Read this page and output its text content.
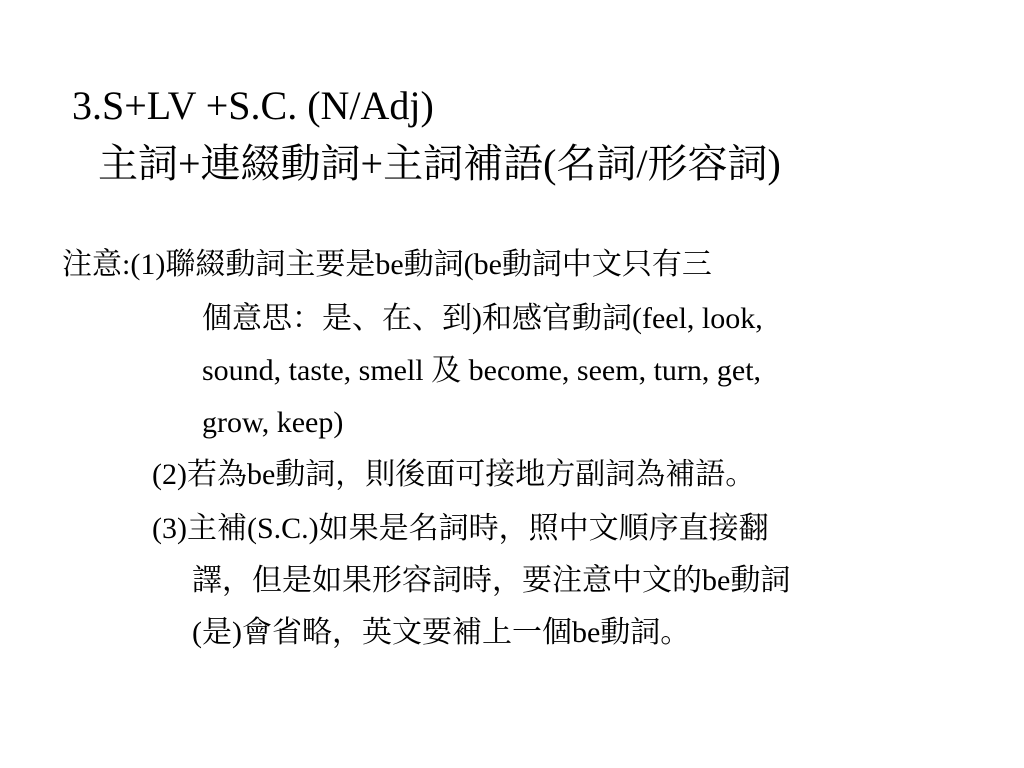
3.S+LV +S.C. (N/Adj)
主詞+連綴動詞+主詞補語(名詞/形容詞)
注意:(1)聯綴動詞主要是be動詞(be動詞中文只有三
個意思：是、在、到)和感官動詞(feel, look,
sound, taste, smell 及 become, seem, turn, get,
grow, keep)
(2)若為be動詞，則後面可接地方副詞為補語。
(3)主補(S.C.)如果是名詞時，照中文順序直接翻
譯，但是如果形容詞時，要注意中文的be動詞
(是)會省略，英文要補上一個be動詞。
